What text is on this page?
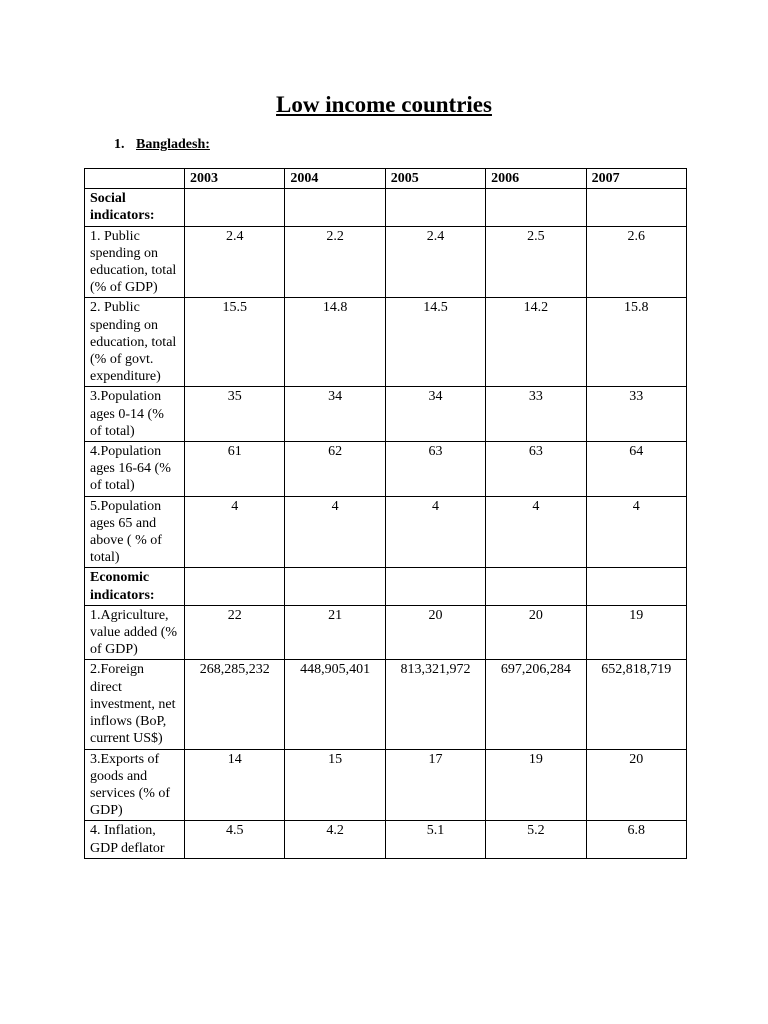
Low income countries

1. Bangladesh:

	2003	2004	2005	2006	2007
Social indicators:					
1. Public spending on education, total (% of GDP)	2.4	2.2	2.4	2.5	2.6
2. Public spending on education, total (% of govt. expenditure)	15.5	14.8	14.5	14.2	15.8
3.Population ages 0-14 (% of total)	35	34	34	33	33
4.Population ages 16-64 (% of total)	61	62	63	63	64
5.Population ages 65 and above ( % of total)	4	4	4	4	4
Economic indicators:					
1.Agriculture, value added (% of GDP)	22	21	20	20	19
2.Foreign direct investment, net inflows (BoP, current US$)	268,285,232	448,905,401	813,321,972	697,206,284	652,818,719
3.Exports of goods and services (% of GDP)	14	15	17	19	20
4. Inflation, GDP deflator	4.5	4.2	5.1	5.2	6.8
